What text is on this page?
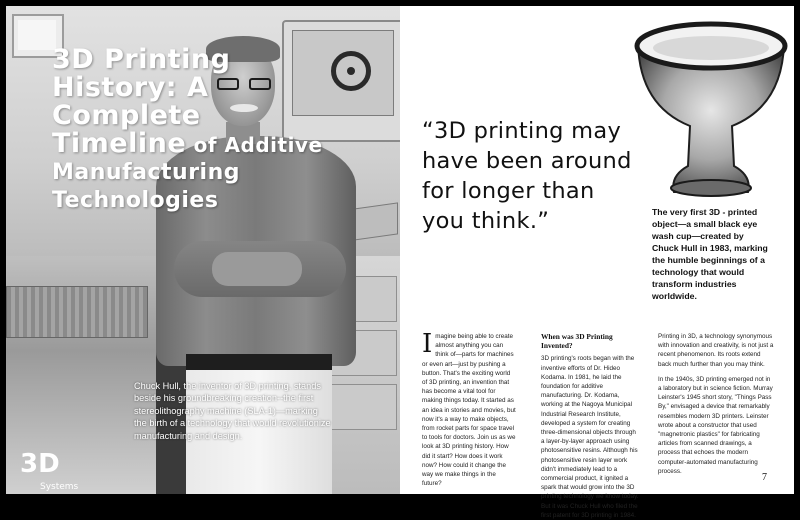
3D Printing
History: A
Complete
Timeline of Additive
Manufacturing
Technologies
3D
Systems

Chuck Hull, the inventor of 3D printing, stands beside his groundbreaking creation--the first stereolithography machine (SLA-1)—marking the birth of a technology that would revolutionize manufacturing and design.

“3D printing may have been around for longer than you think.”	The very first 3D - printed object—a small black eye wash cup—created by Chuck Hull in 1983, marking the humble beginnings of a technology that would transform industries worldwide.

Imagine being able to create almost anything you can think of—parts for machines or even art—just by pushing a button. That's the exciting world of 3D printing, an invention that has become a vital tool for making things today. It started as an idea in stories and movies, but now it's a way to make objects, from rocket parts for space travel to tools for doctors. Join us as we look at 3D printing history. How did it start? How does it work now? How could it change the way we make things in the future?

When was 3D Printing Invented?
3D printing's roots began with the inventive efforts of Dr. Hideo Kodama. In 1981, he laid the foundation for additive manufacturing. Dr. Kodama, working at the Nagoya Municipal Industrial Research Institute, developed a system for creating three-dimensional objects through a layer-by-layer approach using photosensitive resins. Although his photosensitive resin layer work didn't immediately lead to a commercial product, it ignited a spark that would grow into the 3D printing technology we know today. But it was Chuck Hull who filed the first patent for 3D printing in 1984.

Printing in 3D, a technology synonymous with innovation and creativity, is not just a recent phenomenon. Its roots extend back much further than you may think.
In the 1940s, 3D printing emerged not in a laboratory but in science fiction. Murray Leinster's 1945 short story, "Things Pass By," envisaged a device that remarkably resembles modern 3D printers. Leinster wrote about a constructor that used "magnetronic plastics" for fabricating articles from scanned drawings, a process that echoes the modern computer-automated manufacturing process.

7
